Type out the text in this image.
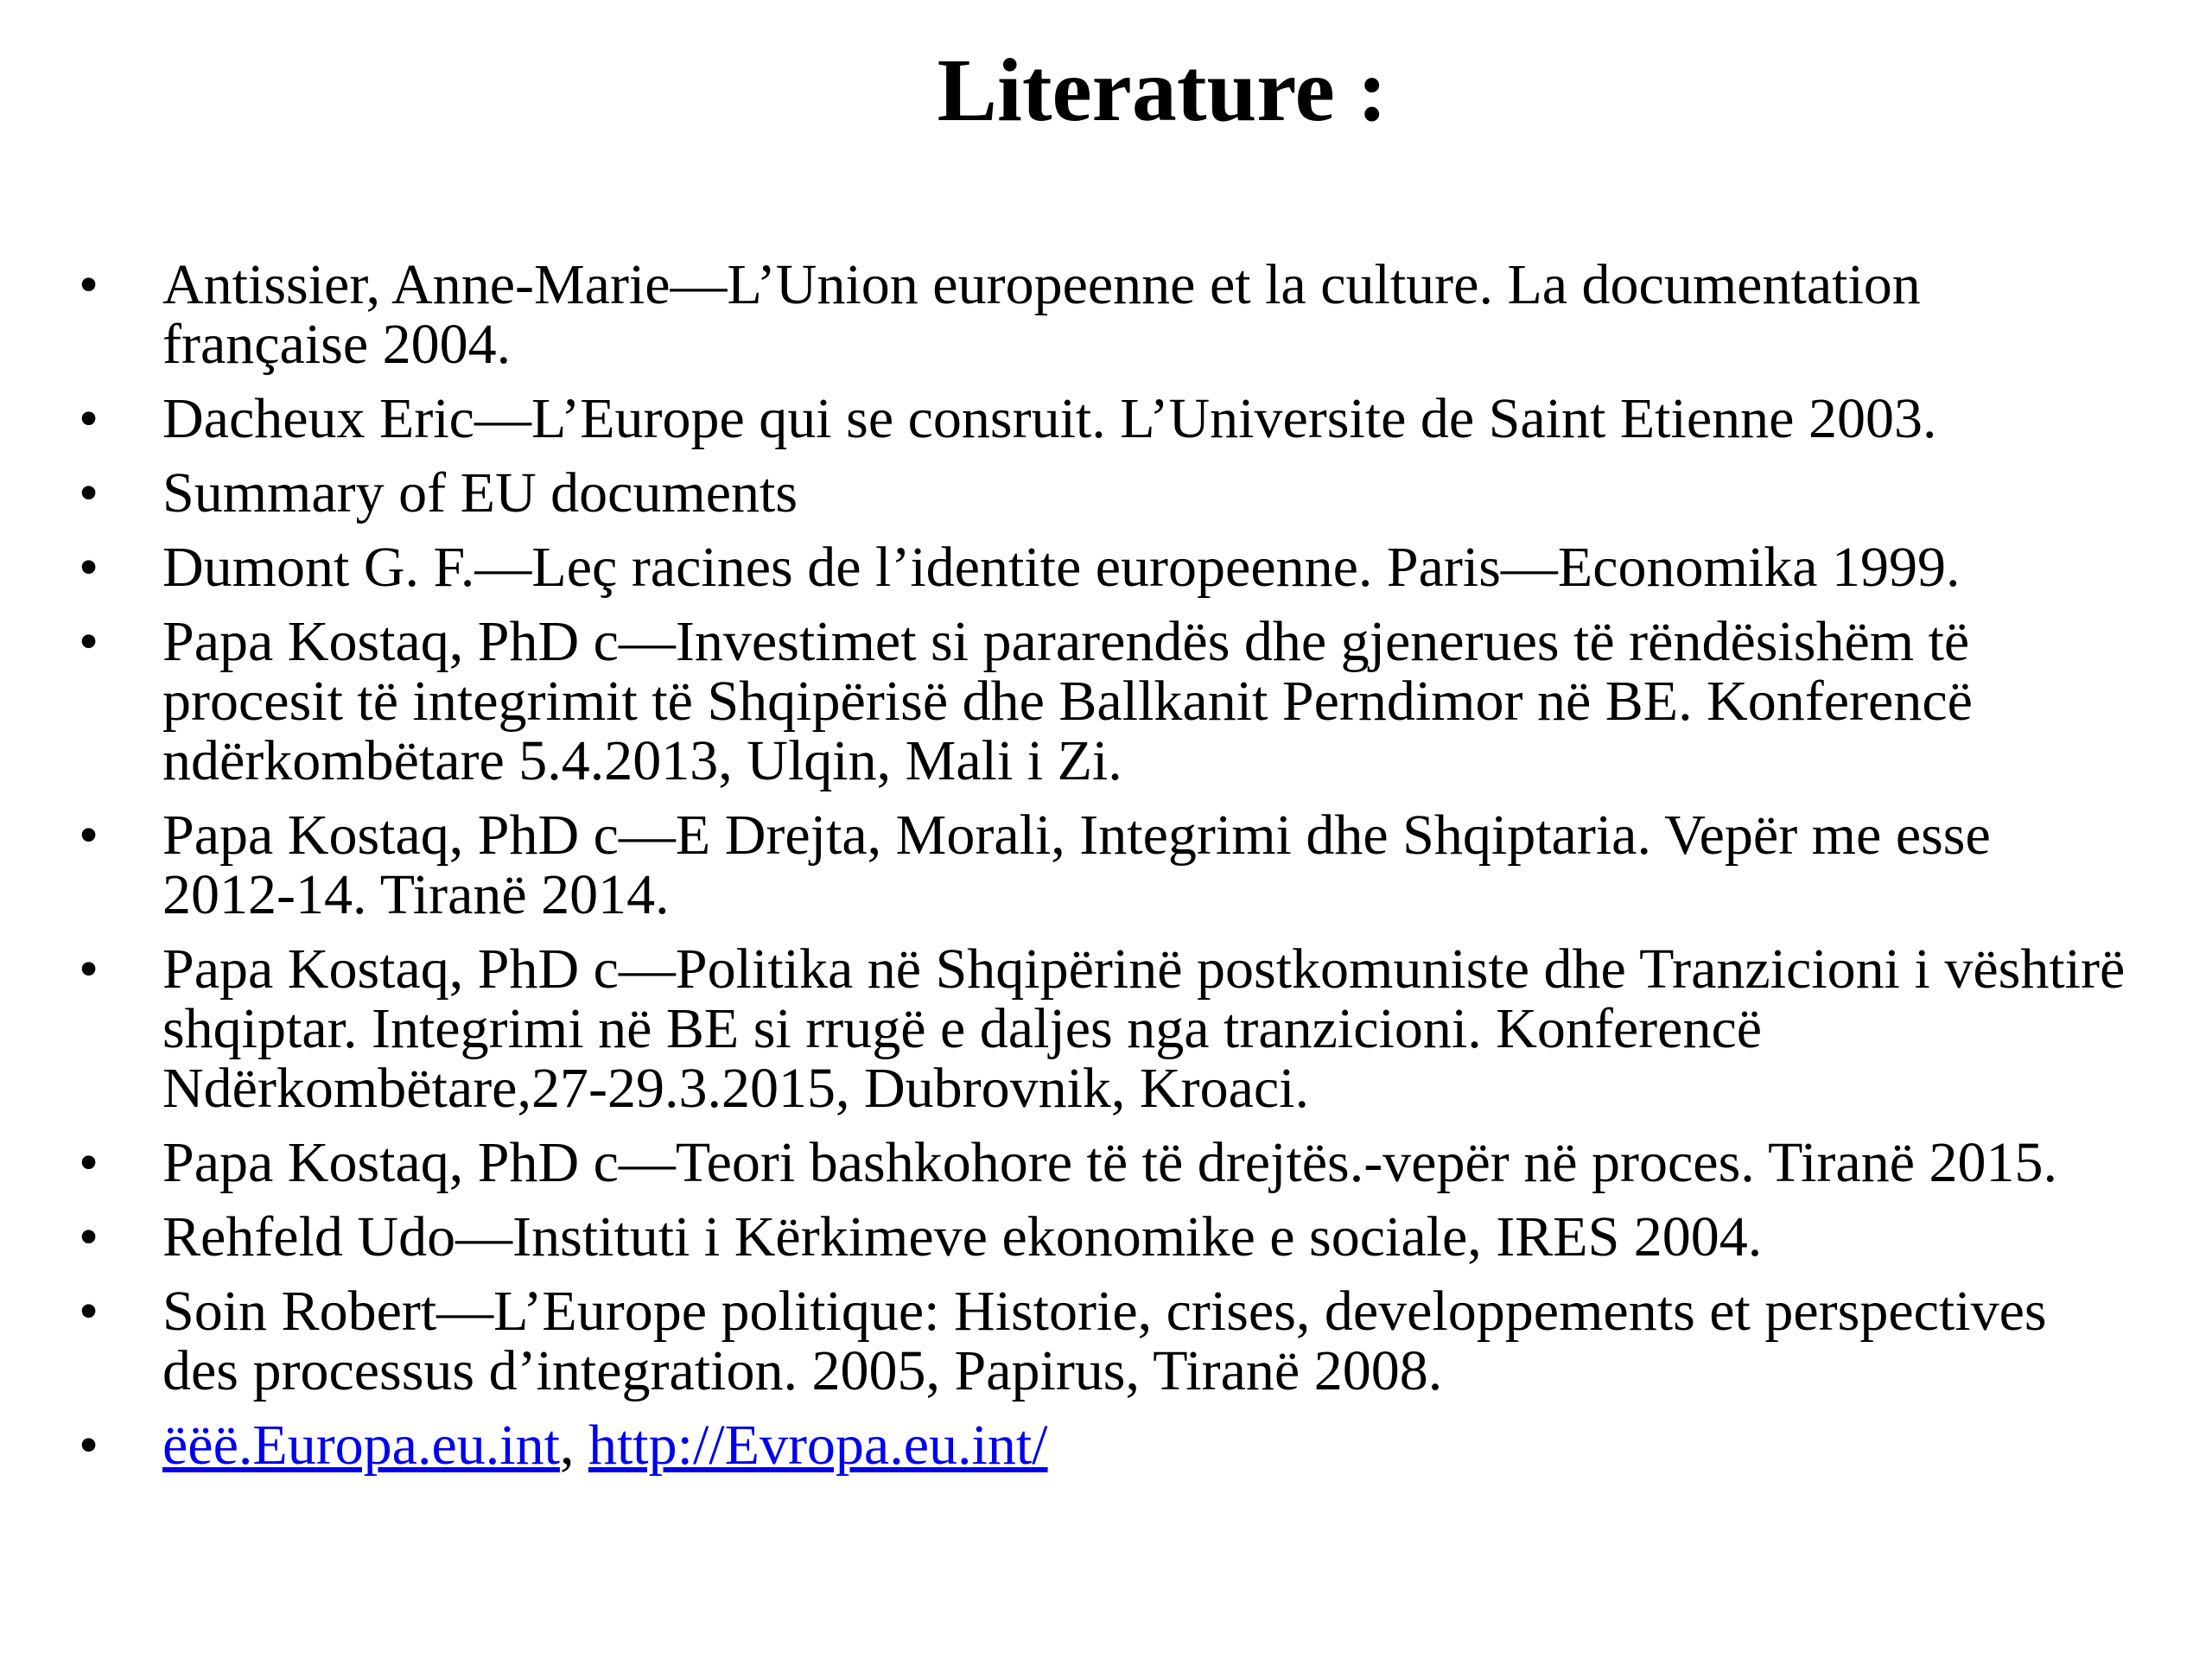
Literature :
• Antissier, Anne-Marie—L’Union europeenne et la culture. La documentation française 2004.
• Dacheux Eric—L’Europe qui se consruit. L’Universite de Saint Etienne 2003.
• Summary of EU documents
• Dumont G. F.—Leç racines de l’identite europeenne. Paris—Economika 1999.
• Papa Kostaq, PhD c—Investimet si pararendës dhe gjenerues të rëndësishëm të procesit të integrimit të Shqipërisë dhe Ballkanit Perndimor në BE. Konferencë ndërkombëtare 5.4.2013, Ulqin, Mali i Zi.
• Papa Kostaq, PhD c—E Drejta, Morali, Integrimi dhe Shqiptaria. Vepër me esse 2012-14. Tiranë 2014.
• Papa Kostaq, PhD c—Politika në Shqipërinë postkomuniste dhe Tranzicioni i vështirë shqiptar. Integrimi në BE si rrugë e daljes nga tranzicioni. Konferencë Ndërkombëtare,27-29.3.2015, Dubrovnik, Kroaci.
• Papa Kostaq, PhD c—Teori bashkohore të të drejtës.-vepër në proces. Tiranë 2015.
• Rehfeld Udo—Instituti i Kërkimeve ekonomike e sociale, IRES 2004.
• Soin Robert—L’Europe politique: Historie, crises, developpements et perspectives des processus d’integration. 2005, Papirus, Tiranë 2008.
• ëëë.Europa.eu.int, http://Evropa.eu.int/
